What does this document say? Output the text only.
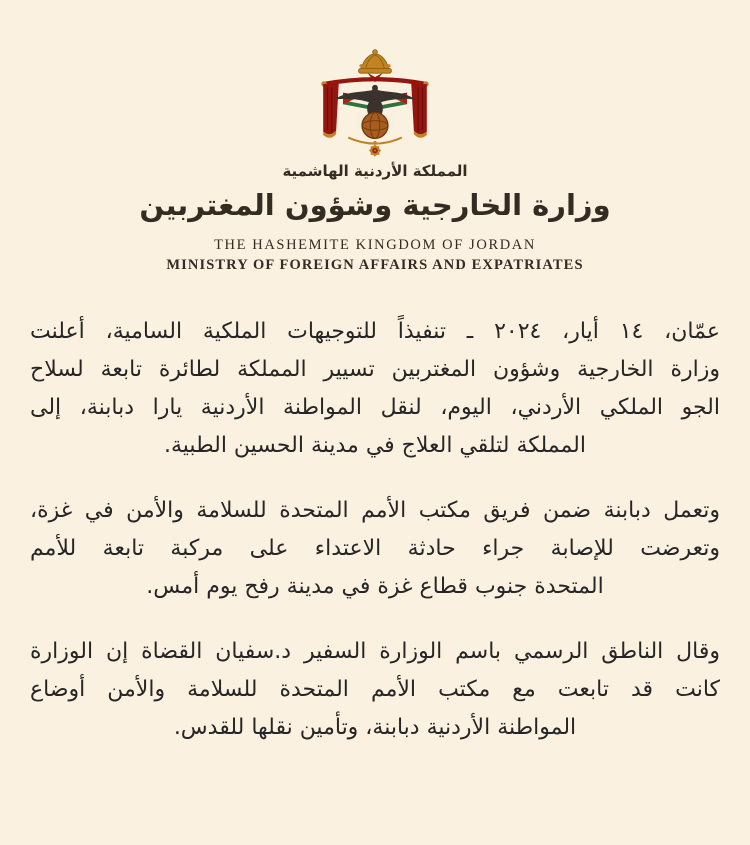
المملكة الأردنية الهاشمية
وزارة الخارجية وشؤون المغتربين
THE HASHEMITE KINGDOM OF JORDAN
MINISTRY OF FOREIGN AFFAIRS AND EXPATRIATES
عمّان، ١٤ أيار، ٢٠٢٤ ـ تنفيذاً للتوجيهات الملكية السامية، أعلنت
وزارة الخارجية وشؤون المغتربين تسيير المملكة لطائرة تابعة لسلاح
الجو الملكي الأردني، اليوم، لنقل المواطنة الأردنية يارا دبابنة، إلى
المملكة لتلقي العلاج في مدينة الحسين الطبية.
وتعمل دبابنة ضمن فريق مكتب الأمم المتحدة للسلامة والأمن في غزة،
وتعرضت للإصابة جراء حادثة الاعتداء على مركبة تابعة للأمم
المتحدة جنوب قطاع غزة في مدينة رفح يوم أمس.
وقال الناطق الرسمي باسم الوزارة السفير د.سفيان القضاة إن الوزارة
كانت قد تابعت مع مكتب الأمم المتحدة للسلامة والأمن أوضاع
المواطنة الأردنية دبابنة، وتأمين نقلها للقدس.
